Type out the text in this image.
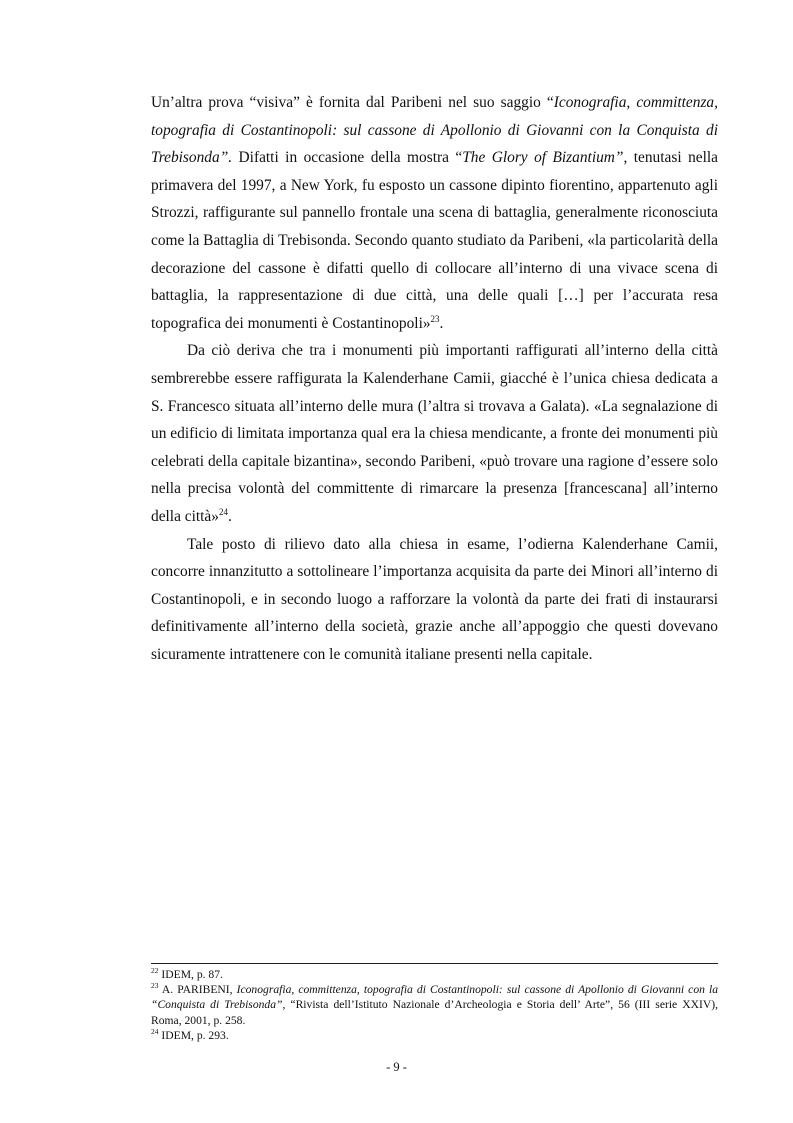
Un’altra prova “visiva” è fornita dal Paribeni nel suo saggio “Iconografia, committenza, topografia di Costantinopoli: sul cassone di Apollonio di Giovanni con la Conquista di Trebisonda”. Difatti in occasione della mostra “The Glory of Bizantium”, tenutasi nella primavera del 1997, a New York, fu esposto un cassone dipinto fiorentino, appartenuto agli Strozzi, raffigurante sul pannello frontale una scena di battaglia, generalmente riconosciuta come la Battaglia di Trebisonda. Secondo quanto studiato da Paribeni, «la particolarità della decorazione del cassone è difatti quello di collocare all’interno di una vivace scena di battaglia, la rappresentazione di due città, una delle quali […] per l’accurata resa topografica dei monumenti è Costantinopoli»$^{23}$.

Da ciò deriva che tra i monumenti più importanti raffigurati all’interno della città sembrerebbe essere raffigurata la Kalenderhane Camii, giacché è l’unica chiesa dedicata a S. Francesco situata all’interno delle mura (l’altra si trovava a Galata). «La segnalazione di un edificio di limitata importanza qual era la chiesa mendicante, a fronte dei monumenti più celebrati della capitale bizantina», secondo Paribeni, «può trovare una ragione d’essere solo nella precisa volontà del committente di rimarcare la presenza [francescana] all’interno della città»$^{24}$.

Tale posto di rilievo dato alla chiesa in esame, l’odierna Kalenderhane Camii, concorre innanzitutto a sottolineare l’importanza acquisita da parte dei Minori all’interno di Costantinopoli, e in secondo luogo a rafforzare la volontà da parte dei frati di instaurarsi definitivamente all’interno della società, grazie anche all’appoggio che questi dovevano sicuramente intrattenere con le comunità italiane presenti nella capitale.

$^{22}$ IDEM, p. 87.

$^{23}$ A. PARIBENI, Iconografia, committenza, topografia di Costantinopoli: sul cassone di Apollonio di Giovanni con la “Conquista di Trebisonda”, “Rivista dell’Istituto Nazionale d’Archeologia e Storia dell’ Arte”, 56 (III serie XXIV), Roma, 2001, p. 258.

$^{24}$ IDEM, p. 293.

- 9 -
